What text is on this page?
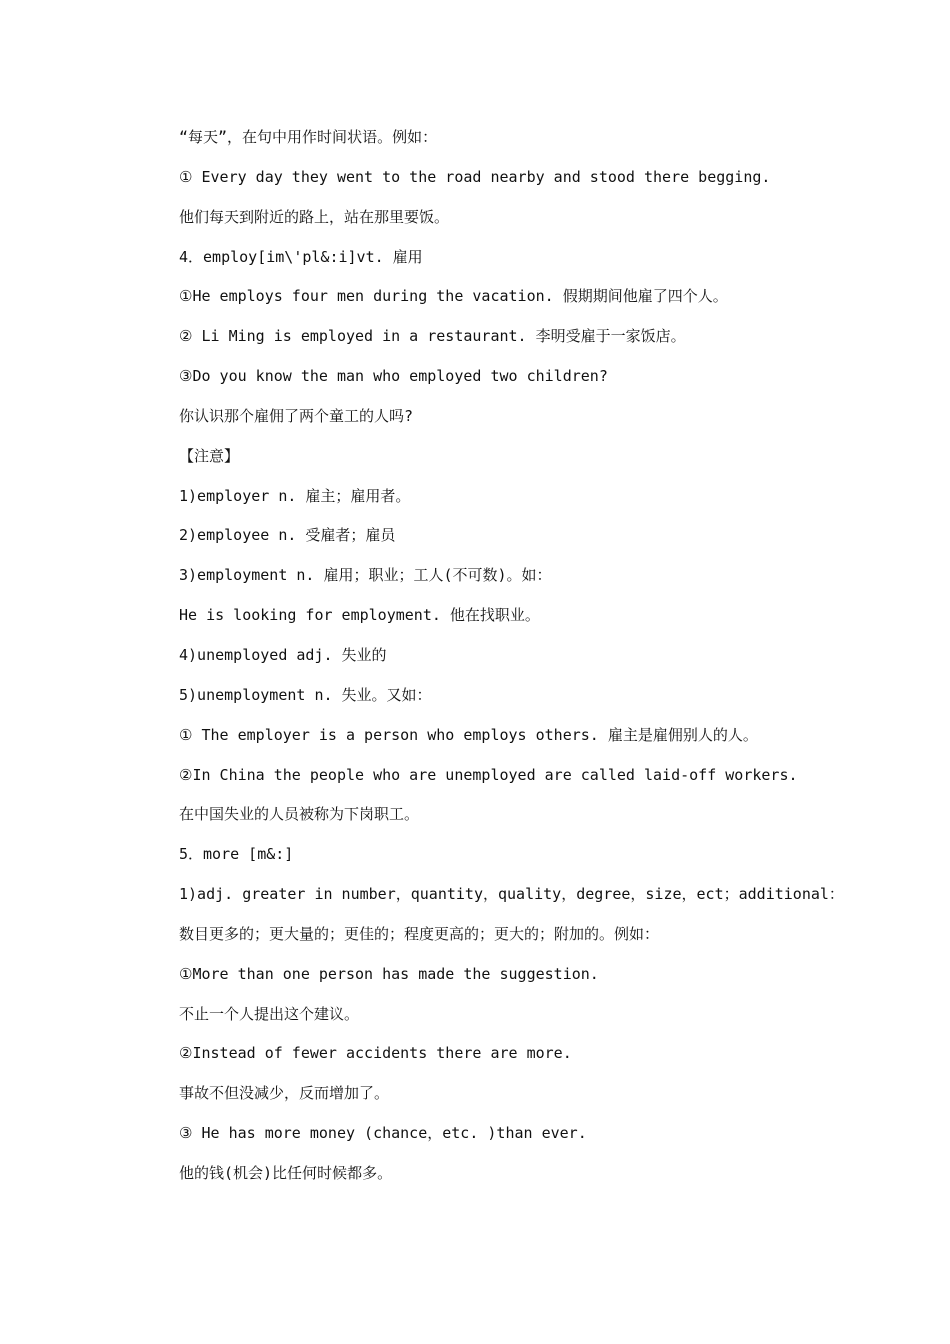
“每天”，在句中用作时间状语。例如：
① Every day they went to the road nearby and stood there begging.
他们每天到附近的路上，站在那里要饭。
4．employ[im\'pl&:i]vt. 雇用
①He employs four men during the vacation. 假期期间他雇了四个人。
② Li Ming is employed in a restaurant. 李明受雇于一家饭店。
③Do you know the man who employed two children?
你认识那个雇佣了两个童工的人吗?
【注意】
1)employer n. 雇主；雇用者。
2)employee n. 受雇者；雇员
3)employment n. 雇用；职业；工人(不可数)。如：
He is looking for employment. 他在找职业。
4)unemployed adj. 失业的
5)unemployment n. 失业。又如：
① The employer is a person who employs others. 雇主是雇佣别人的人。
②In China the people who are unemployed are called laid-off workers.
在中国失业的人员被称为下岗职工。
5．more [m&:]
1)adj. greater in number，quantity，quality，degree，size，ect；additional：
数目更多的；更大量的；更佳的；程度更高的；更大的；附加的。例如：
①More than one person has made the suggestion.
不止一个人提出这个建议。
②Instead of fewer accidents there are more.
事故不但没减少，反而增加了。
③ He has more money (chance，etc. )than ever.
他的钱(机会)比任何时候都多。
